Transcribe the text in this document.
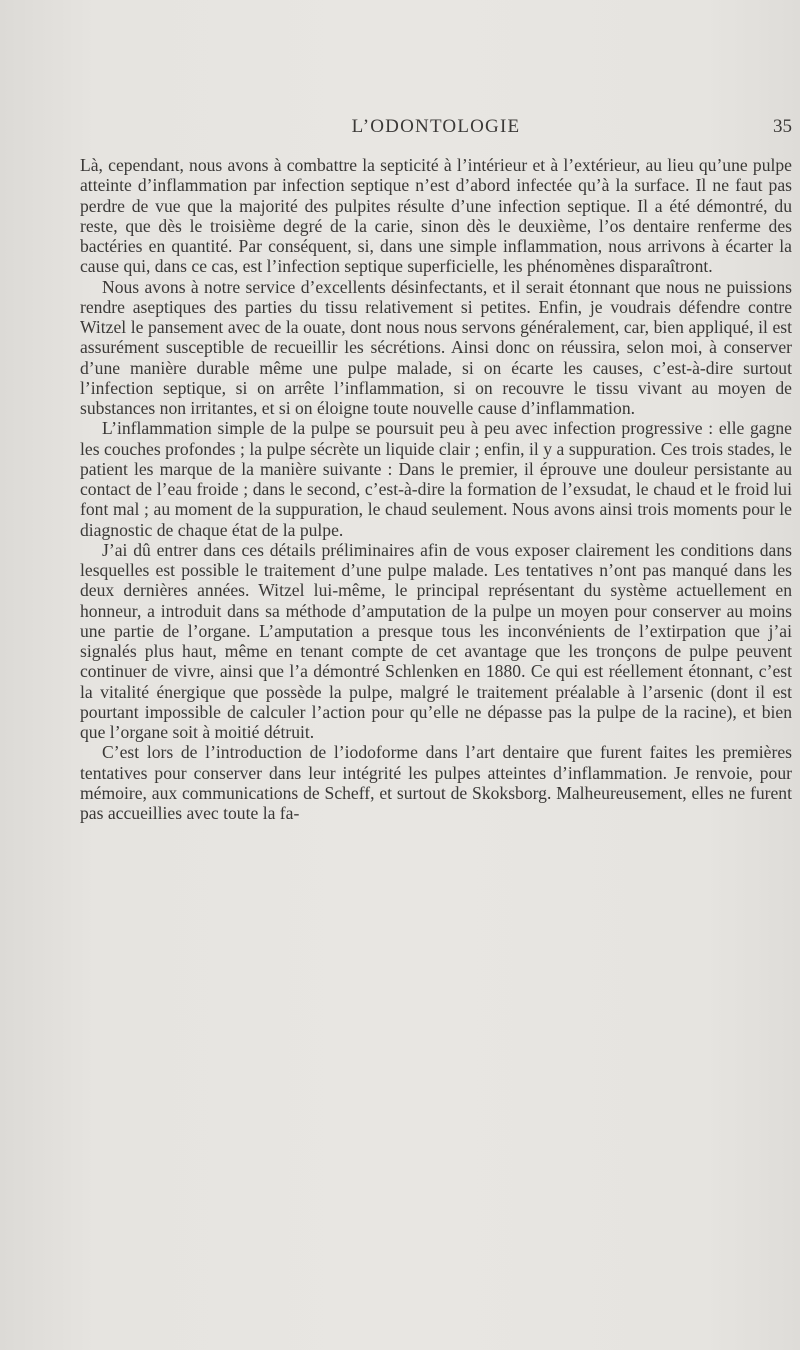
L’ODONTOLOGIE	35

Là, cependant, nous avons à combattre la septicité à l’intérieur et à l’extérieur, au lieu qu’une pulpe atteinte d’inflammation par infection septique n’est d’abord infectée qu’à la surface. Il ne faut pas perdre de vue que la majorité des pulpites résulte d’une infection septique. Il a été démontré, du reste, que dès le troisième degré de la carie, sinon dès le deuxième, l’os dentaire renferme des bactéries en quantité. Par conséquent, si, dans une simple inflammation, nous arrivons à écarter la cause qui, dans ce cas, est l’infection septique superficielle, les phénomènes disparaîtront.

Nous avons à notre service d’excellents désinfectants, et il serait étonnant que nous ne puissions rendre aseptiques des parties du tissu relativement si petites. Enfin, je voudrais défendre contre Witzel le pansement avec de la ouate, dont nous nous servons généralement, car, bien appliqué, il est assurément susceptible de recueillir les sécrétions. Ainsi donc on réussira, selon moi, à conserver d’une manière durable même une pulpe malade, si on écarte les causes, c’est-à-dire surtout l’infection septique, si on arrête l’inflammation, si on recouvre le tissu vivant au moyen de substances non irritantes, et si on éloigne toute nouvelle cause d’inflammation.

L’inflammation simple de la pulpe se poursuit peu à peu avec infection progressive : elle gagne les couches profondes ; la pulpe sécrète un liquide clair ; enfin, il y a suppuration. Ces trois stades, le patient les marque de la manière suivante : Dans le premier, il éprouve une douleur persistante au contact de l’eau froide ; dans le second, c’est-à-dire la formation de l’exsudat, le chaud et le froid lui font mal ; au moment de la suppuration, le chaud seulement. Nous avons ainsi trois moments pour le diagnostic de chaque état de la pulpe.

J’ai dû entrer dans ces détails préliminaires afin de vous exposer clairement les conditions dans lesquelles est possible le traitement d’une pulpe malade. Les tentatives n’ont pas manqué dans les deux dernières années. Witzel lui-même, le principal représentant du système actuellement en honneur, a introduit dans sa méthode d’amputation de la pulpe un moyen pour conserver au moins une partie de l’organe. L’amputation a presque tous les inconvénients de l’extirpation que j’ai signalés plus haut, même en tenant compte de cet avantage que les tronçons de pulpe peuvent continuer de vivre, ainsi que l’a démontré Schlenken en 1880. Ce qui est réellement étonnant, c’est la vitalité énergique que possède la pulpe, malgré le traitement préalable à l’arsenic (dont il est pourtant impossible de calculer l’action pour qu’elle ne dépasse pas la pulpe de la racine), et bien que l’organe soit à moitié détruit.

C’est lors de l’introduction de l’iodoforme dans l’art dentaire que furent faites les premières tentatives pour conserver dans leur intégrité les pulpes atteintes d’inflammation. Je renvoie, pour mémoire, aux communications de Scheff, et surtout de Skoksborg. Malheureusement, elles ne furent pas accueillies avec toute la fa-
